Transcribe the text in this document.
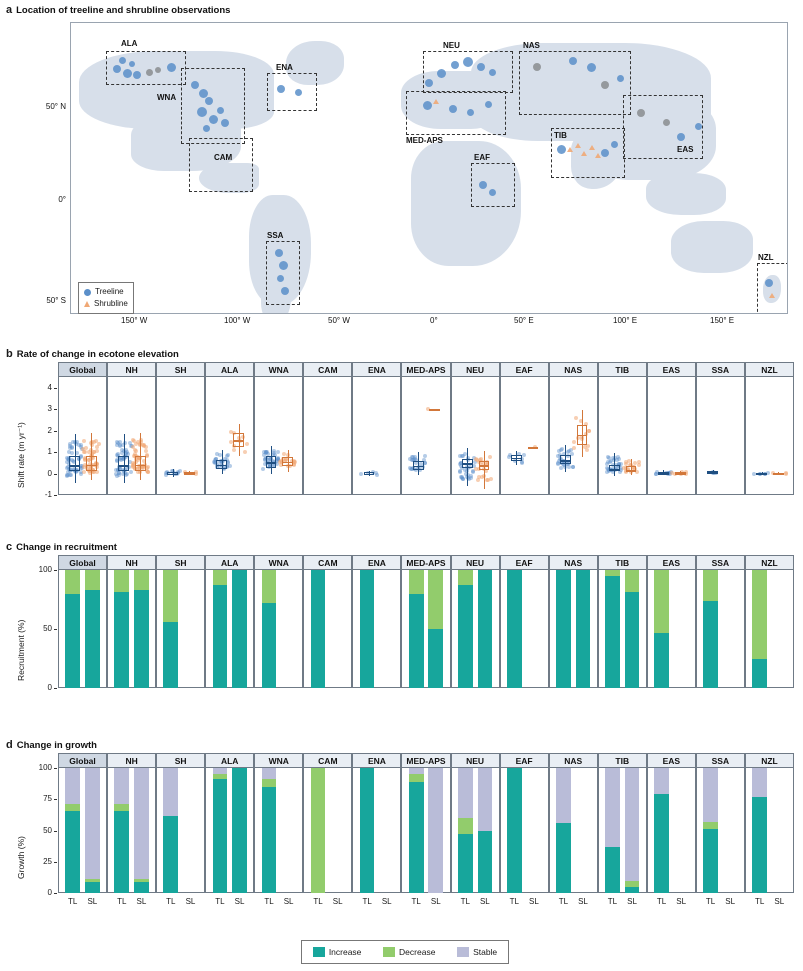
a Location of treeline and shrubline observations
50° N
0°
50° S
ALA
WNA
CAM
ENA
MED-APS
NEU
EAF
NAS
TIB
EAS
SSA
NZL
Treeline
Shrubline
150° W	100° W	50° W	0°	50° E	100° E	150° E
b Rate of change in ecotone elevation
Shift rate (m yr⁻¹)
Global	NH	SH	ALA	WNA	CAM	ENA	MED-APS	NEU	EAF	NAS	TIB	EAS	SSA	NZL
-1
0
1
2
3
4
c Change in recruitment
Recruitment (%)
Global	NH	SH	ALA	WNA	CAM	ENA	MED-APS	NEU	EAF	NAS	TIB	EAS	SSA	NZL
0
50
100
d Change in growth
Growth (%)
Global	NH	SH	ALA	WNA	CAM	ENA	MED-APS	NEU	EAF	NAS	TIB	EAS	SSA	NZL
0
25
50
75
100
TL	SL	TL	SL	TL	SL	TL	SL	TL	SL	TL	SL	TL	SL	TL	SL	TL	SL	TL	SL	TL	SL	TL	SL	TL	SL	TL	SL	TL	SL
Increase	Decrease	Stable
